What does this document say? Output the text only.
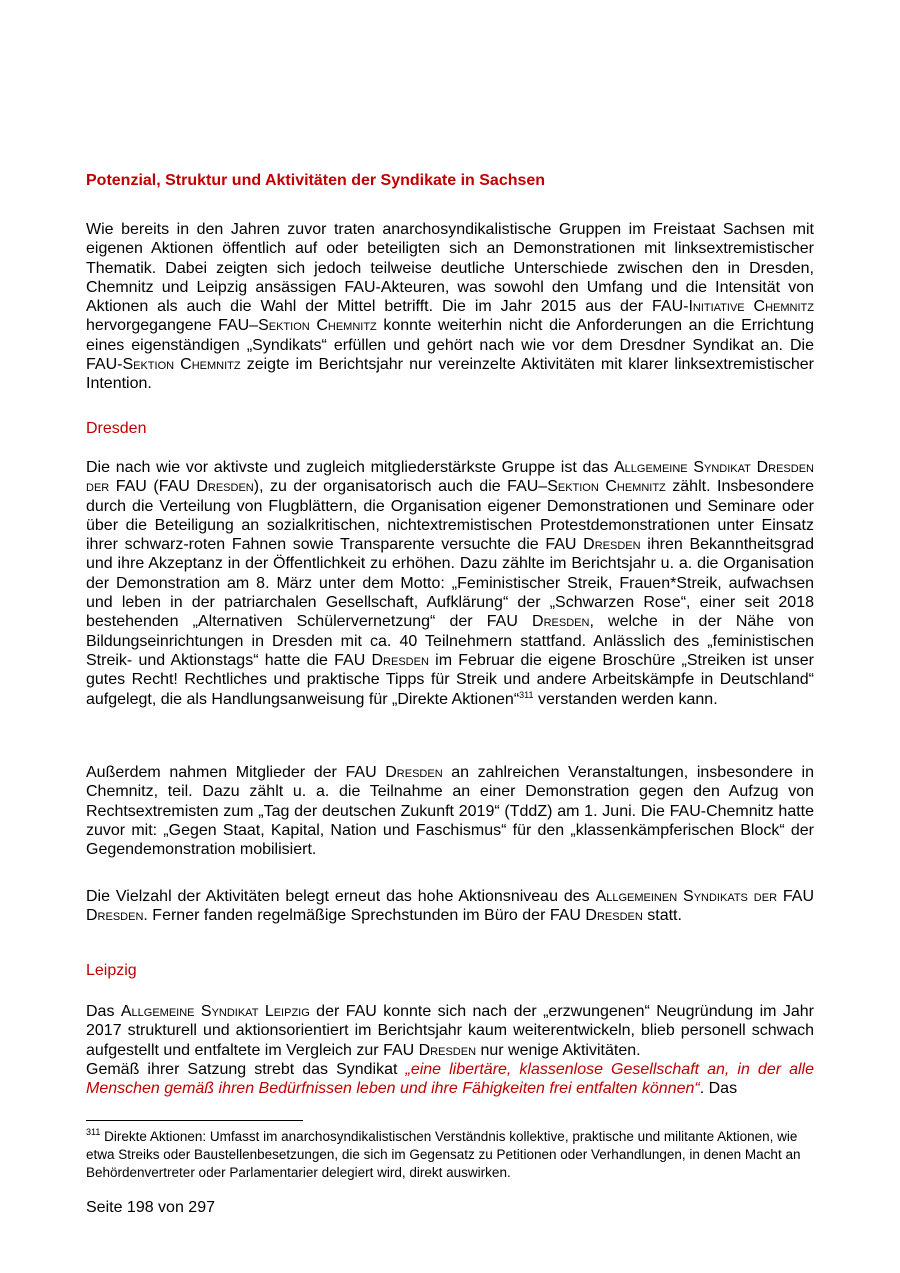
Potenzial, Struktur und Aktivitäten der Syndikate in Sachsen

Wie bereits in den Jahren zuvor traten anarchosyndikalistische Gruppen im Freistaat Sachsen mit eigenen Aktionen öffentlich auf oder beteiligten sich an Demonstrationen mit linksextremistischer Thematik. Dabei zeigten sich jedoch teilweise deutliche Unterschiede zwischen den in Dresden, Chemnitz und Leipzig ansässigen FAU-Akteuren, was sowohl den Umfang und die Intensität von Aktionen als auch die Wahl der Mittel betrifft. Die im Jahr 2015 aus der FAU-Initiative Chemnitz hervorgegangene FAU–Sektion Chemnitz konnte weiterhin nicht die Anforderungen an die Errichtung eines eigenständigen „Syndikats“ erfüllen und gehört nach wie vor dem Dresdner Syndikat an. Die FAU-Sektion Chemnitz zeigte im Berichtsjahr nur vereinzelte Aktivitäten mit klarer linksextremistischer Intention.

Dresden

Die nach wie vor aktivste und zugleich mitgliederstärkste Gruppe ist das Allgemeine Syndikat Dresden der FAU (FAU Dresden), zu der organisatorisch auch die FAU–Sektion Chemnitz zählt. Insbesondere durch die Verteilung von Flugblättern, die Organisation eigener Demonstrationen und Seminare oder über die Beteiligung an sozialkritischen, nichtextremistischen Protestdemonstrationen unter Einsatz ihrer schwarz-roten Fahnen sowie Transparente versuchte die FAU Dresden ihren Bekanntheitsgrad und ihre Akzeptanz in der Öffentlichkeit zu erhöhen. Dazu zählte im Berichtsjahr u. a. die Organisation der Demonstration am 8. März unter dem Motto: „Feministischer Streik, Frauen*Streik, aufwachsen und leben in der patriarchalen Gesellschaft, Aufklärung“ der „Schwarzen Rose“, einer seit 2018 bestehenden „Alternativen Schülervernetzung“ der FAU Dresden, welche in der Nähe von Bildungseinrichtungen in Dresden mit ca. 40 Teilnehmern stattfand. Anlässlich des „feministischen Streik- und Aktionstags“ hatte die FAU Dresden im Februar die eigene Broschüre „Streiken ist unser gutes Recht! Rechtliches und praktische Tipps für Streik und andere Arbeitskämpfe in Deutschland“ aufgelegt, die als Handlungsanweisung für „Direkte Aktionen“$^{311}$ verstanden werden kann.

Außerdem nahmen Mitglieder der FAU Dresden an zahlreichen Veranstaltungen, insbesondere in Chemnitz, teil. Dazu zählt u. a. die Teilnahme an einer Demonstration gegen den Aufzug von Rechtsextremisten zum „Tag der deutschen Zukunft 2019“ (TddZ) am 1. Juni. Die FAU-Chemnitz hatte zuvor mit: „Gegen Staat, Kapital, Nation und Faschismus“ für den „klassenkämpferischen Block“ der Gegendemonstration mobilisiert.

Die Vielzahl der Aktivitäten belegt erneut das hohe Aktionsniveau des Allgemeinen Syndikats der FAU Dresden. Ferner fanden regelmäßige Sprechstunden im Büro der FAU Dresden statt.

Leipzig

Das Allgemeine Syndikat Leipzig der FAU konnte sich nach der „erzwungenen“ Neugründung im Jahr 2017 strukturell und aktionsorientiert im Berichtsjahr kaum weiterentwickeln, blieb personell schwach aufgestellt und entfaltete im Vergleich zur FAU Dresden nur wenige Aktivitäten.
Gemäß ihrer Satzung strebt das Syndikat „eine libertäre, klassenlose Gesellschaft an, in der alle Menschen gemäß ihren Bedürfnissen leben und ihre Fähigkeiten frei entfalten können“. Das

$^{311}$ Direkte Aktionen: Umfasst im anarchosyndikalistischen Verständnis kollektive, praktische und militante Aktionen, wie etwa Streiks oder Baustellenbesetzungen, die sich im Gegensatz zu Petitionen oder Verhandlungen, in denen Macht an Behördenvertreter oder Parlamentarier delegiert wird, direkt auswirken.

Seite 198 von 297
